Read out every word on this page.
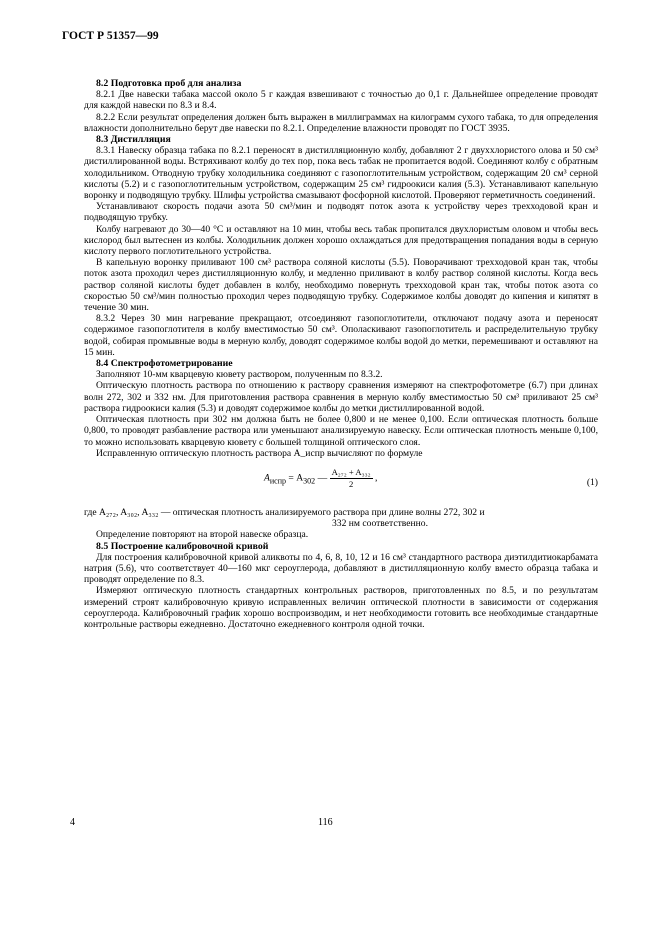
ГОСТ Р 51357—99
8.2 Подготовка проб для анализа

8.2.1 Две навески табака массой около 5 г каждая взвешивают с точностью до 0,1 г. Дальнейшее определение проводят для каждой навески по 8.3 и 8.4.

8.2.2 Если результат определения должен быть выражен в миллиграммах на килограмм сухого табака, то для определения влажности дополнительно берут две навески по 8.2.1. Определение влажности проводят по ГОСТ 3935.

8.3 Дистилляция

8.3.1 Навеску образца табака по 8.2.1 переносят в дистилляционную колбу, добавляют 2 г двуххлористого олова и 50 см³ дистиллированной воды. Встряхивают колбу до тех пор, пока весь табак не пропитается водой. Соединяют колбу с обратным холодильником. Отводную трубку холодильника соединяют с газопоглотительным устройством, содержащим 20 см³ серной кислоты (5.2) и с газопоглотительным устройством, содержащим 25 см³ гидроокиси калия (5.3). Устанавливают капельную воронку и подводящую трубку. Шлифы устройства смазывают фосфорной кислотой. Проверяют герметичность соединений.

Устанавливают скорость подачи азота 50 см³/мин и подводят поток азота к устройству через трехходовой кран и подводящую трубку.

Колбу нагревают до 30—40 °С и оставляют на 10 мин, чтобы весь табак пропитался двухлористым оловом и чтобы весь кислород был вытеснен из колбы. Холодильник должен хорошо охлаждаться для предотвращения попадания воды в серную кислоту первого поглотительного устройства.

В капельную воронку приливают 100 см³ раствора соляной кислоты (5.5). Поворачивают трехходовой кран так, чтобы поток азота проходил через дистилляционную колбу, и медленно приливают в колбу раствор соляной кислоты. Когда весь раствор соляной кислоты будет добавлен в колбу, необходимо повернуть трехходовой кран так, чтобы поток азота со скоростью 50 см³/мин полностью проходил через подводящую трубку. Содержимое колбы доводят до кипения и кипятят в течение 30 мин.

8.3.2 Через 30 мин нагревание прекращают, отсоединяют газопоглотители, отключают подачу азота и переносят содержимое газопоглотителя в колбу вместимостью 50 см³. Ополаскивают газопоглотитель и распределительную трубку водой, собирая промывные воды в мерную колбу, доводят содержимое колбы водой до метки, перемешивают и оставляют на 15 мин.

8.4 Спектрофотометрирование

Заполняют 10-мм кварцевую кювету раствором, полученным по 8.3.2.

Оптическую плотность раствора по отношению к раствору сравнения измеряют на спектрофотометре (6.7) при длинах волн 272, 302 и 332 нм. Для приготовления раствора сравнения в мерную колбу вместимостью 50 см³ приливают 25 см³ раствора гидроокиси калия (5.3) и доводят содержимое колбы до метки дистиллированной водой.

Оптическая плотность при 302 нм должна быть не более 0,800 и не менее 0,100. Если оптическая плотность больше 0,800, то проводят разбавление раствора или уменьшают анализируемую навеску. Если оптическая плотность меньше 0,100, то можно использовать кварцевую кювету с большей толщиной оптического слоя.

Исправленную оптическую плотность раствора A_испр вычисляют по формуле

$A_{испр} = A_{302}$ — $\frac{\text{A₂₇₂ + A₃₃₂}}{2}$ ,	(1)

где A₂₇₂, A₃₀₂, A₃₃₂ — оптическая плотность анализируемого раствора при длине волны 272, 302 и

332 нм соответственно.

Определение повторяют на второй навеске образца.

8.5 Построение калибровочной кривой

Для построения калибровочной кривой аликвоты по 4, 6, 8, 10, 12 и 16 см³ стандартного раствора диэтилдитиокарбамата натрия (5.6), что соответствует 40—160 мкг сероуглерода, добавляют в дистилляционную колбу вместо образца табака и проводят определение по 8.3.

Измеряют оптическую плотность стандартных контрольных растворов, приготовленных по 8.5, и по результатам измерений строят калибровочную кривую исправленных величин оптической плотности в зависимости от содержания сероуглерода. Калибровочный график хорошо воспроизводим, и нет необходимости готовить все необходимые стандартные контрольные растворы ежедневно. Достаточно ежедневного контроля одной точки.

4	116
